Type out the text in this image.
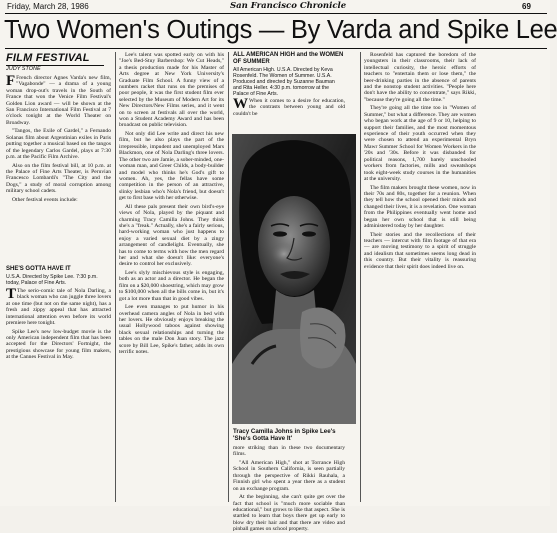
Friday, March 28, 1986	San Francisco Chronicle	69
Two Women's Outings — By Varda and Spike Lee
FILM FESTIVAL
JUDY STONE

F French director Agnes Varda's new film, "Vagabonde" — a drama of a young woman drop-out's travels in the South of France that won the Venice Film Festival's Golden Lion award — will be shown at the San Francisco International Film Festival at 7 o'clock tonight at the World Theater on Broadway.

"Tangos, the Exile of Gardel," a Fernando Solanas film about Argentinian exiles in Paris putting together a musical based on the tangos of the legendary Carlos Gardel, plays at 7:30 p.m. at the Pacific Film Archive.

Also on the film festival bill, at 10 p.m. at the Palace of Fine Arts Theater, is Peruvian Francesco Lombardi's "The City and the Dogs," a study of moral corruption among military school cadets.

Other festival events include:

SHE'S GOTTA HAVE IT
U.S.A. Directed by Spike Lee. 7:30 p.m. today, Palace of Fine Arts.

T The serio-comic tale of Nola Darling, a black woman who can juggle three lovers at one time (but not on the same night), has a fresh and zippy appeal that has attracted international attention even before its world premiere here tonight.

Spike Lee's new low-budget movie is the only American independent film that has been accepted for the Directors' Fortnight, the prestigious showcase for young film makers, at the Cannes Festival in May.

Lee's talent was spotted early on with his "Joe's Bed-Stuy Barbershop: We Cut Heads," a thesis production made for his Master of Arts degree at New York University's Graduate Film School. A funny view of a numbers racket that runs on the premises of poor people, it was the first student film ever selected by the Museum of Modern Art for its New Directors/New Films series, and it went on to screen at festivals all over the world, won a Student Academy Award and has been broadcast on public television.

Not only did Lee write and direct his new film, but he also plays the part of the irrepressible, impudent and unemployed Mars Blackmon, one of Nola Darling's three lovers. The other two are Jamie, a sober-minded, one-woman man, and Greer Childs, a body-builder and model who thinks he's God's gift to women. Ah, yes, the fellas have some competition in the person of an attractive, slinky lesbian who's Nola's friend, but doesn't get to first base with her otherwise.

All these pals present their own bird's-eye views of Nola, played by the piquant and charming Tracy Camilla Johns. They think she's a "freak." Actually, she's a fairly serious, hard-working woman who just happens to enjoy a varied sexual diet by a zingy arrangement of candlelight. Eventually, she has to come to terms with how the men regard her and what she doesn't like: everyone's desire to control her exclusively.

Lee's slyly mischievous style is engaging, both as an actor and a director. He began the film on a $20,000 shoestring, which may grow to $100,000 when all the bills come in, but it's got a lot more than that in good vibes.

Lee even manages to put humor in his overhead camera angles of Nola in bed with her lovers. He obviously enjoys breaking the usual Hollywood taboos against showing black sexual relationships and turning the tables on the male Don Juan story. The jazz score by Bill Lee, Spike's father, adds its own terrific notes.

ALL AMERICAN HIGH and the WOMEN OF SUMMER
All American High. U.S.A. Directed by Keva Rosenfeld. The Women of Summer. U.S.A. Produced and directed by Suzanne Bauman and Rita Heller. 4:30 p.m. tomorrow at the Palace of Fine Arts.

W When it comes to a desire for education, the contrasts between young and old couldn't be

Tracy Camilla Johns in Spike Lee's 'She's Gotta Have It'

more striking than in these two documentary films.

"All American High," shot at Torrance High School in Southern California, is seen partially through the perspective of Rikki Rauhala, a Finnish girl who spent a year there as a student on an exchange program.

At the beginning, she can't quite get over the fact that school is "much more sociable than educational," but grows to like that aspect. She is startled to learn that boys there get up early to blow dry their hair and that there are video and pinball games on school property.

Rosenfeld has captured the boredom of the youngsters in their classrooms, their lack of intellectual curiosity, the heroic efforts of teachers to "entertain them or lose them," the beer-drinking parties in the absence of parents and the nonstop student activities. "People here don't have the ability to concentrate," says Rikki, "because they're going all the time."

They're going all the time too in "Women of Summer," but what a difference. They are women who began work at the age of 9 or 10, helping to support their families, and the most momentous experience of their youth occurred when they were chosen to attend an experimental Bryn Mawr Summer School for Women Workers in the '20s and '30s. Before it was disbanded for political reasons, 1,700 barely unschooled workers from factories, mills and sweatshops took eight-week study courses in the humanities at the university.

The film makers brought these women, now in their 70s and 80s, together for a reunion. When they tell how the school opened their minds and changed their lives, it is a revelation. One woman from the Philippines eventually went home and began her own school that is still being administered today by her daughter.

Their stories and the recollections of their teachers — intercut with film footage of that era — are moving testimony to a spirit of struggle and idealism that sometimes seems long dead in this country. But their vitality is reassuring evidence that their spirit does indeed live on.
